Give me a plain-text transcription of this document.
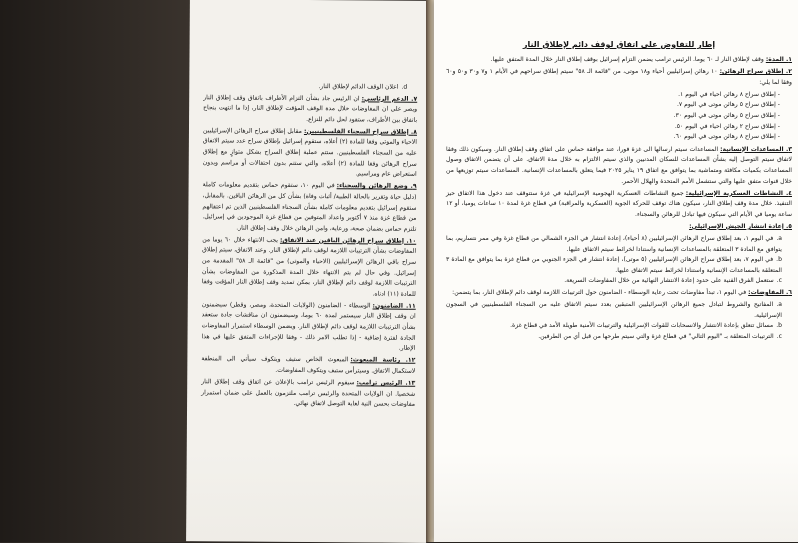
d.اعلان الوقف الدائم لإطلاق النار.

٧. الدعم الرئاسي:ان الرئيس جاد بشأن التزام الأطراف باتفاق وقف إطلاق النار ويصر على ان المفاوضات خلال مدة الوقف المؤقت لإطلاق النار، إذا ما انتهت بنجاح باتفاق بين الأطراف، ستقود لحل دائم للنزاع.

٨. إطلاق سراح السجناء الفلسطينيين:مقابل إطلاق سراح الرهائن الإسرائيليين الاحياء والموتى وفقا للمادة (٢) أعلاه، ستقوم إسرائيل بإطلاق سراح عدد سيتم الاتفاق عليه من السجناء الفلسطينيين. ستتم عملية إطلاق السراح بشكل متوازٍ مع إطلاق سراح الرهائن وفقا للمادة (٢) أعلاه، والتي ستتم بدون احتفالات أو مراسم وبدون استعراض عام ومراسيم.

٩. وضع الرهائن والسجناء:في اليوم ١٠، ستقوم حماس بتقديم معلومات كاملة (دليل حياة وتقرير بالحالة الطبية/ أثبات وفاة) بشأن كل من الرهائن الباقين. بالمقابل، ستقوم إسرائيل بتقديم معلومات كاملة بشأن السجناء الفلسطينيين الذين تم اعتقالهم من قطاع غزة منذ ٧ أكتوبر واعداد المتوفين من قطاع غزة الموجودين في إسرائيل. تلتزم حماس بضمان صحة، ورعاية، وامن الرهائن خلال وقف إطلاق النار.

١٠. إطلاق سراح الرهائن الباقين عند الاتفاق:يجب الانتهاء خلال ٦٠ يوما من المفاوضات بشأن الترتيبات اللازمة لوقف دائم لإطلاق النار. وعند الاتفاق، سيتم إطلاق سراح باقي الرهائن الإسرائيليين (الاحياء والموتى) من "قائمة الـ ٥٨" المقدمة من إسرائيل. وفي حال لم يتم الانتهاء خلال المدة المذكورة من المفاوضات بشأن الترتيبات اللازمة لوقف دائم لإطلاق النار، يمكن تمديد وقف إطلاق النار المؤقت وفقا للمادة (١١) ادناه.

١١. الضامنون:الوسطاء - الضامنون (الولايات المتحدة، ومصر، وقطر) سيضمنون ان وقف إطلاق النار سيستمر لمدة ٦٠ يوما، وسيضمنون ان مناقشات جادة ستعقد بشأن الترتيبات اللازمة لوقف دائم لإطلاق النار. ويضمن الوسطاء استمرار المفاوضات الجادة لفترة إضافية - إذا تطلب الامر ذلك - وفقا للإجراءات المتفق عليها في هذا الإطار.

١٢. رئاسة المبعوث:المبعوث الخاص ستيف ويتكوف سيأتي الى المنطقة لاستكمال الاتفاق. وسيترأس ستيف ويتكوف المفاوضات.

١٣. الرئيس ترامب:سيقوم الرئيس ترامب بالإعلان عن اتفاق وقف إطلاق النار شخصيا. ان الولايات المتحدة والرئيس ترامب ملتزمون بالعمل على ضمان استمرار مفاوضات بحسن النية لغاية التوصل لاتفاق نهائي.

إطار للتفاوض على اتفاق لوقف دائم لإطلاق النار

١. المدة:وقف لإطلاق النار لـ ٦٠ يوما. الرئيس ترامب يضمن التزام إسرائيل بوقف إطلاق النار خلال المدة المتفق عليها.

٢. إطلاق سراح الرهائن:١٠ رهائن إسرائيليين أحياء و١٨ موتى، من "قائمة الـ ٥٨" سيتم إطلاق سراحهم في الأيام ١ و٧ و٣٠ و٥٠ و٦٠ وفقا لما يلي:

- إطلاق سراح ٨ رهائن احياء في اليوم ١.
- إطلاق سراح ٥ رهائن موتى في اليوم ٧.
- إطلاق سراح ٥ رهائن موتى في اليوم ٣٠.
- إطلاق سراح ٢ رهائن احياء في اليوم ٥٠.
- إطلاق سراح ٨ رهائن موتى في اليوم ٦٠.

٣. المساعدات الإنسانية:المساعدات سيتم ارسالها الى غزة فورا، عند موافقة حماس على اتفاق وقف إطلاق النار. وسيكون ذلك وفقا لاتفاق سيتم التوصل إليه بشأن المساعدات للسكان المدنيين والذي سيتم الالتزام به خلال مدة الاتفاق. على أن يتضمن الاتفاق وصول المساعدات بكميات مكافئة ومتماشية بما يتوافق مع اتفاق ١٩ يناير ٢٠٢٥ فيما يتعلق بالمساعدات الإنسانية. المساعدات سيتم توزيعها من خلال قنوات متفق عليها والتي ستشمل الأمم المتحدة والهلال الأحمر.

٤. النشاطات العسكرية الإسرائيلية:جميع النشاطات العسكرية الهجومية الإسرائيلية في غزة ستتوقف عند دخول هذا الاتفاق حيز التنفيذ. خلال مدة وقف إطلاق النار، سيكون هناك توقف للحركة الجوية (العسكرية والمراقبة) في قطاع غزة لمدة ١٠ ساعات يوميا، أو ١٢ ساعة يوميا في الأيام التي سيكون فيها تبادل للرهائن والسجناء.

٥. إعادة انتشار الجيش الإسرائيلي:

a.في اليوم ١، بعد إطلاق سراح الرهائن الإسرائيليين (٨ أحياء)، إعادة انتشار في الجزء الشمالي من قطاع غزة وفي ممر نتساريم، بما يتوافق مع المادة ٣ المتعلقة بالمساعدات الإنسانية واستنادا لخرائط سيتم الاتفاق عليها.
b.في اليوم ٧، بعد إطلاق سراح الرهائن الإسرائيليين (٥ موتى)، إعادة انتشار في الجزء الجنوبي من قطاع غزة بما يتوافق مع المادة ٣ المتعلقة بالمساعدات الإنسانية واستنادا لخرائط سيتم الاتفاق عليها.
c.ستعمل الفرق الفنية على حدود إعادة الانتشار النهائية من خلال المفاوضات السريعة.

٦. المفاوضات:في اليوم ١، تبدأ مفاوضات تحت رعاية الوسطاء - الضامنون حول الترتيبات اللازمة لوقف دائم لإطلاق النار، بما يتضمن:

a.المفاتيح والشروط لتبادل جميع الرهائن الإسرائيليين المتبقين بعدد سيتم الاتفاق عليه من السجناء الفلسطينيين في السجون الإسرائيلية.
b.مسائل تتعلق بإعادة الانتشار والانسحابات للقوات الإسرائيلية والترتيبات الأمنية طويلة الأمد في قطاع غزة.
c.الترتيبات المتعلقة بـ "اليوم التالي" في قطاع غزة والتي سيتم طرحها من قبل أي من الطرفين.
